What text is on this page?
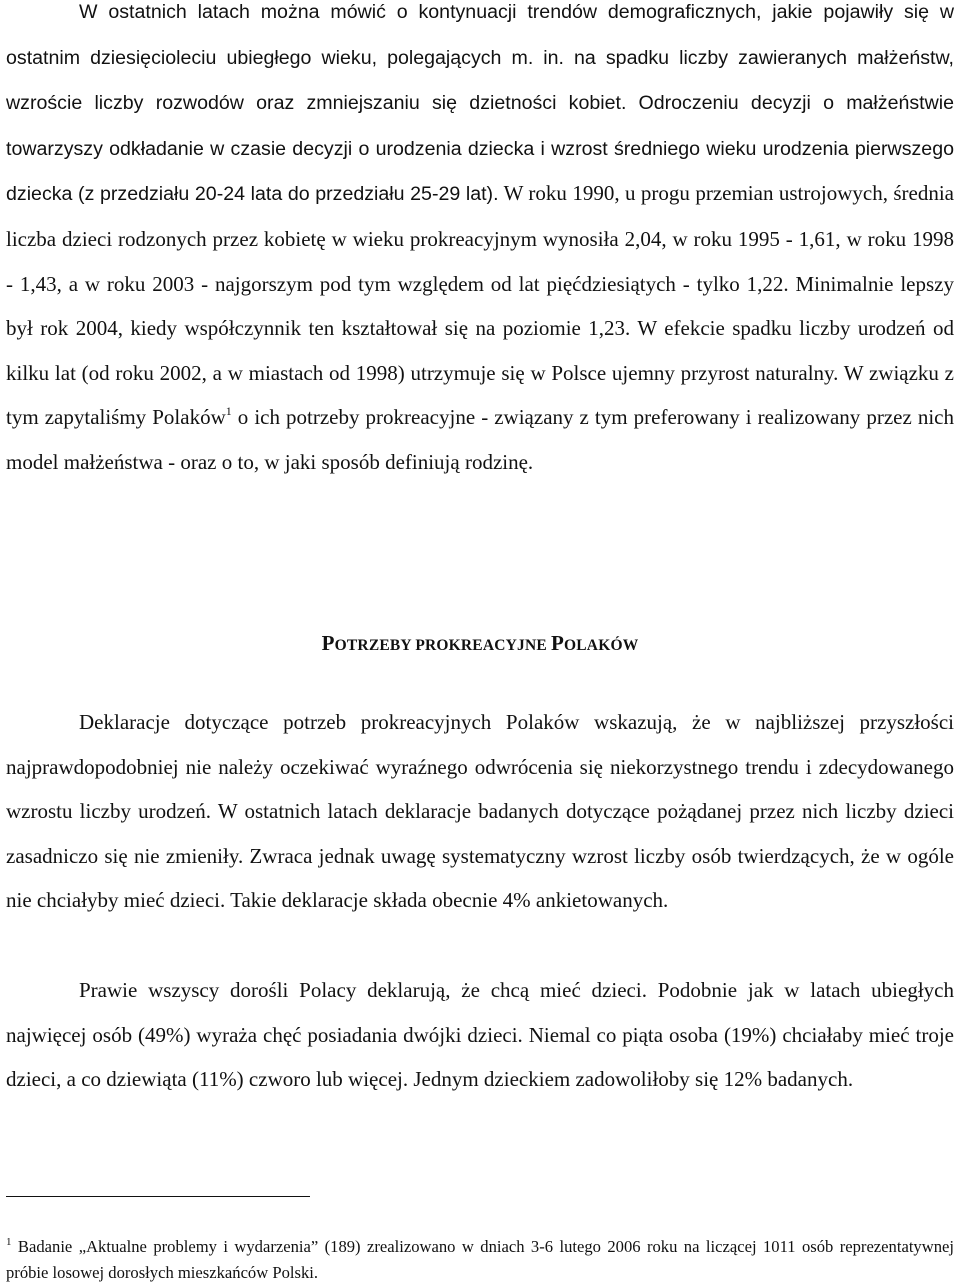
W ostatnich latach można mówić o kontynuacji trendów demograficznych, jakie pojawiły się w ostatnim dziesięcioleciu ubiegłego wieku, polegających m. in. na spadku liczby zawieranych małżeństw, wzroście liczby rozwodów oraz zmniejszaniu się dzietności kobiet. Odroczeniu decyzji o małżeństwie towarzyszy odkładanie w czasie decyzji o urodzenia dziecka i wzrost średniego wieku urodzenia pierwszego dziecka (z przedziału 20-24 lata do przedziału 25-29 lat). W roku 1990, u progu przemian ustrojowych, średnia liczba dzieci rodzonych przez kobietę w wieku prokreacyjnym wynosiła 2,04, w roku 1995 - 1,61, w roku 1998 - 1,43, a w roku 2003 - najgorszym pod tym względem od lat pięćdziesiątych - tylko 1,22. Minimalnie lepszy był rok 2004, kiedy współczynnik ten kształtował się na poziomie 1,23. W efekcie spadku liczby urodzeń od kilku lat (od roku 2002, a w miastach od 1998) utrzymuje się w Polsce ujemny przyrost naturalny. W związku z tym zapytaliśmy Polaków$^1$ o ich potrzeby prokreacyjne - związany z tym preferowany i realizowany przez nich model małżeństwa - oraz o to, w jaki sposób definiują rodzinę.

POTRZEBY PROKREACYJNE POLAKÓW

Deklaracje dotyczące potrzeb prokreacyjnych Polaków wskazują, że w najbliższej przyszłości najprawdopodobniej nie należy oczekiwać wyraźnego odwrócenia się niekorzystnego trendu i zdecydowanego wzrostu liczby urodzeń. W ostatnich latach deklaracje badanych dotyczące pożądanej przez nich liczby dzieci zasadniczo się nie zmieniły. Zwraca jednak uwagę systematyczny wzrost liczby osób twierdzących, że w ogóle nie chciałyby mieć dzieci. Takie deklaracje składa obecnie 4% ankietowanych.

Prawie wszyscy dorośli Polacy deklarują, że chcą mieć dzieci. Podobnie jak w latach ubiegłych najwięcej osób (49%) wyraża chęć posiadania dwójki dzieci. Niemal co piąta osoba (19%) chciałaby mieć troje dzieci, a co dziewiąta (11%) czworo lub więcej. Jednym dzieckiem zadowoliłoby się 12% badanych.

$^1$ Badanie „Aktualne problemy i wydarzenia” (189) zrealizowano w dniach 3-6 lutego 2006 roku na liczącej 1011 osób reprezentatywnej próbie losowej dorosłych mieszkańców Polski.
